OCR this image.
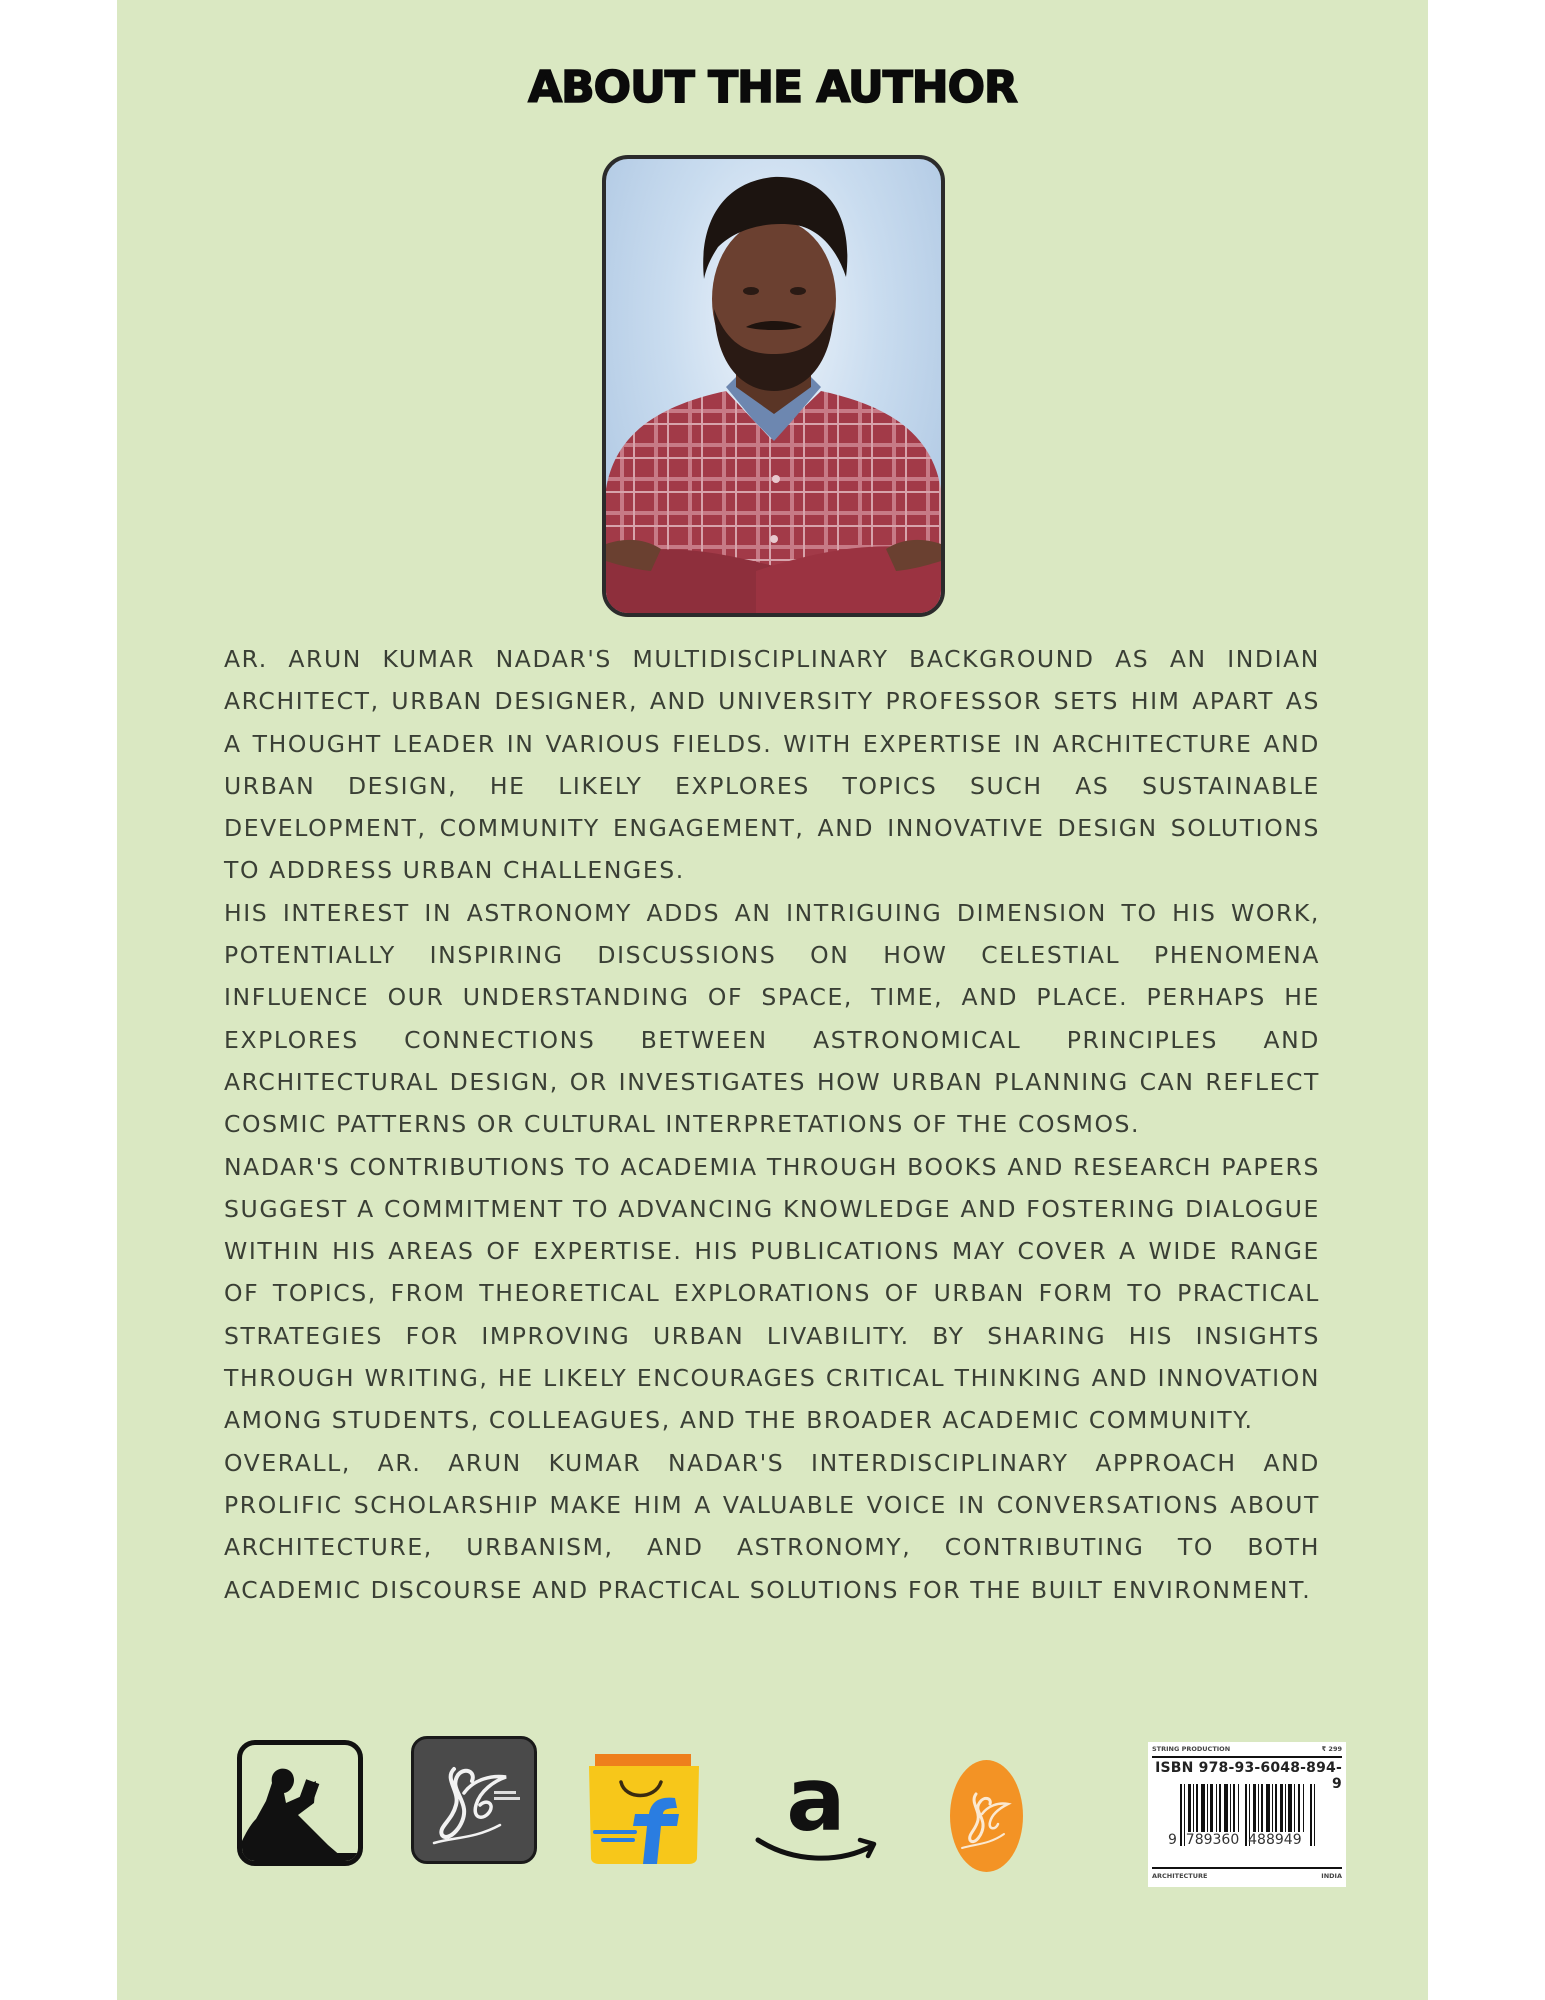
ABOUT THE AUTHOR

AR. ARUN KUMAR NADAR'S MULTIDISCIPLINARY BACKGROUND AS AN INDIAN ARCHITECT, URBAN DESIGNER, AND UNIVERSITY PROFESSOR SETS HIM APART AS A THOUGHT LEADER IN VARIOUS FIELDS. WITH EXPERTISE IN ARCHITECTURE AND URBAN DESIGN, HE LIKELY EXPLORES TOPICS SUCH AS SUSTAINABLE DEVELOPMENT, COMMUNITY ENGAGEMENT, AND INNOVATIVE DESIGN SOLUTIONS TO ADDRESS URBAN CHALLENGES.

HIS INTEREST IN ASTRONOMY ADDS AN INTRIGUING DIMENSION TO HIS WORK, POTENTIALLY INSPIRING DISCUSSIONS ON HOW CELESTIAL PHENOMENA INFLUENCE OUR UNDERSTANDING OF SPACE, TIME, AND PLACE. PERHAPS HE EXPLORES CONNECTIONS BETWEEN ASTRONOMICAL PRINCIPLES AND ARCHITECTURAL DESIGN, OR INVESTIGATES HOW URBAN PLANNING CAN REFLECT COSMIC PATTERNS OR CULTURAL INTERPRETATIONS OF THE COSMOS.

NADAR'S CONTRIBUTIONS TO ACADEMIA THROUGH BOOKS AND RESEARCH PAPERS SUGGEST A COMMITMENT TO ADVANCING KNOWLEDGE AND FOSTERING DIALOGUE WITHIN HIS AREAS OF EXPERTISE. HIS PUBLICATIONS MAY COVER A WIDE RANGE OF TOPICS, FROM THEORETICAL EXPLORATIONS OF URBAN FORM TO PRACTICAL STRATEGIES FOR IMPROVING URBAN LIVABILITY. BY SHARING HIS INSIGHTS THROUGH WRITING, HE LIKELY ENCOURAGES CRITICAL THINKING AND INNOVATION AMONG STUDENTS, COLLEAGUES, AND THE BROADER ACADEMIC COMMUNITY.

OVERALL, AR. ARUN KUMAR NADAR'S INTERDISCIPLINARY APPROACH AND PROLIFIC SCHOLARSHIP MAKE HIM A VALUABLE VOICE IN CONVERSATIONS ABOUT ARCHITECTURE, URBANISM, AND ASTRONOMY, CONTRIBUTING TO BOTH ACADEMIC DISCOURSE AND PRACTICAL SOLUTIONS FOR THE BUILT ENVIRONMENT.

a	STRING PRODUCTION	₹ 299
ISBN 978-93-6048-894-9
9  789360  488949
ARCHITECTURE	INDIA
